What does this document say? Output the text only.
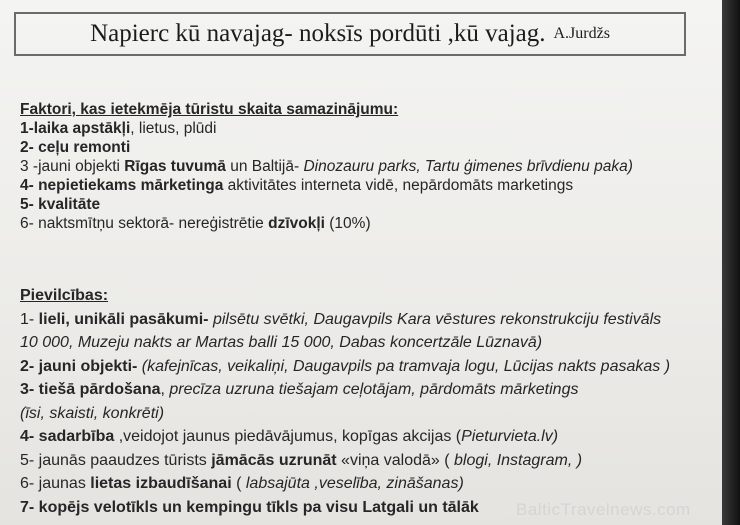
Napierc kū navajag- noksīs pordūti ,kū vajag. A.Jurdžs
Faktori, kas ietekmēja tūristu skaita samazinājumu:
1-laika apstākļi, lietus, plūdi
2- ceļu remonti
3 -jauni objekti Rīgas tuvumā un Baltijā- Dinozauru parks, Tartu ģimenes brīvdienu paka)
4- nepietiekams mārketinga aktivitātes interneta vidē, nepārdomāts marketings
5- kvalitāte
6- naktsmītņu sektorā- nereģistrētie dzīvokļi (10%)
Pievilcības:
1- lieli, unikāli pasākumi- pilsētu svētki, Daugavpils Kara vēstures rekonstrukciju festivāls
10 000, Muzeju nakts ar Martas balli 15 000, Dabas koncertzāle Lūznavā)
2- jauni objekti- (kafejnīcas, veikaliņi, Daugavpils pa tramvaja logu, Lūcijas nakts pasakas )
3- tiešā pārdošana, precīza uzruna tiešajam ceļotājam, pārdomāts mārketings
(īsi, skaisti, konkrēti)
4- sadarbība ,veidojot jaunus piedāvājumus, kopīgas akcijas (Pieturvieta.lv)
5- jaunās paaudzes tūrists jāmācās uzrunāt «viņa valodā» ( blogi, Instagram, )
6- jaunas lietas izbaudīšanai ( labsajūta ,veselība, zināšanas)
7- kopējs velotīkls un kempingu tīkls pa visu Latgali un tālāk	BalticTravelnews.com
